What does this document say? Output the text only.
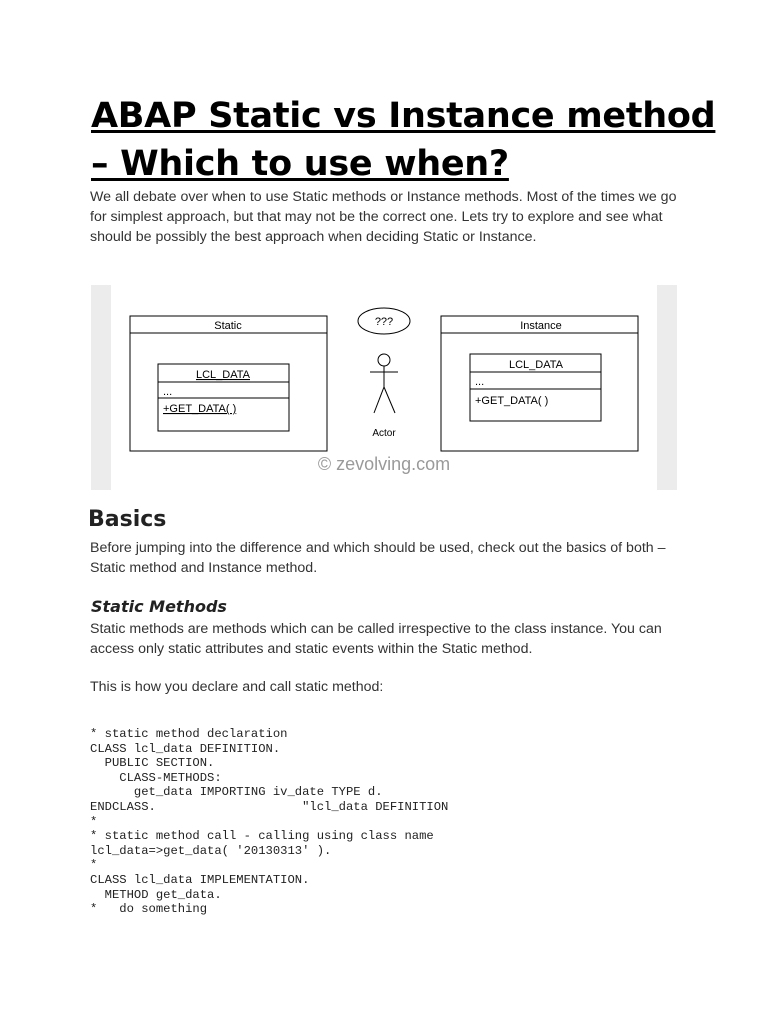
ABAP Static vs Instance method – Which to use when?

We all debate over when to use Static methods or Instance methods. Most of the times we go for simplest approach, but that may not be the correct one. Lets try to explore and see what should be possibly the best approach when deciding Static or Instance.

Static
LCL_DATA
...
+GET_DATA( )
???
Actor
Instance
LCL_DATA
...
+GET_DATA( )
© zevolving.com
Basics

Before jumping into the difference and which should be used, check out the basics of both – Static method and Instance method.

Static Methods

Static methods are methods which can be called irrespective to the class instance. You can access only static attributes and static events within the Static method.

This is how you declare and call static method:

* static method declaration
CLASS lcl_data DEFINITION.
PUBLIC SECTION.
CLASS-METHODS:
get_data IMPORTING iv_date TYPE d.
ENDCLASS.                    "lcl_data DEFINITION
*
* static method call - calling using class name
lcl_data=>get_data( '20130313' ).
*
CLASS lcl_data IMPLEMENTATION.
METHOD get_data.
*   do something
